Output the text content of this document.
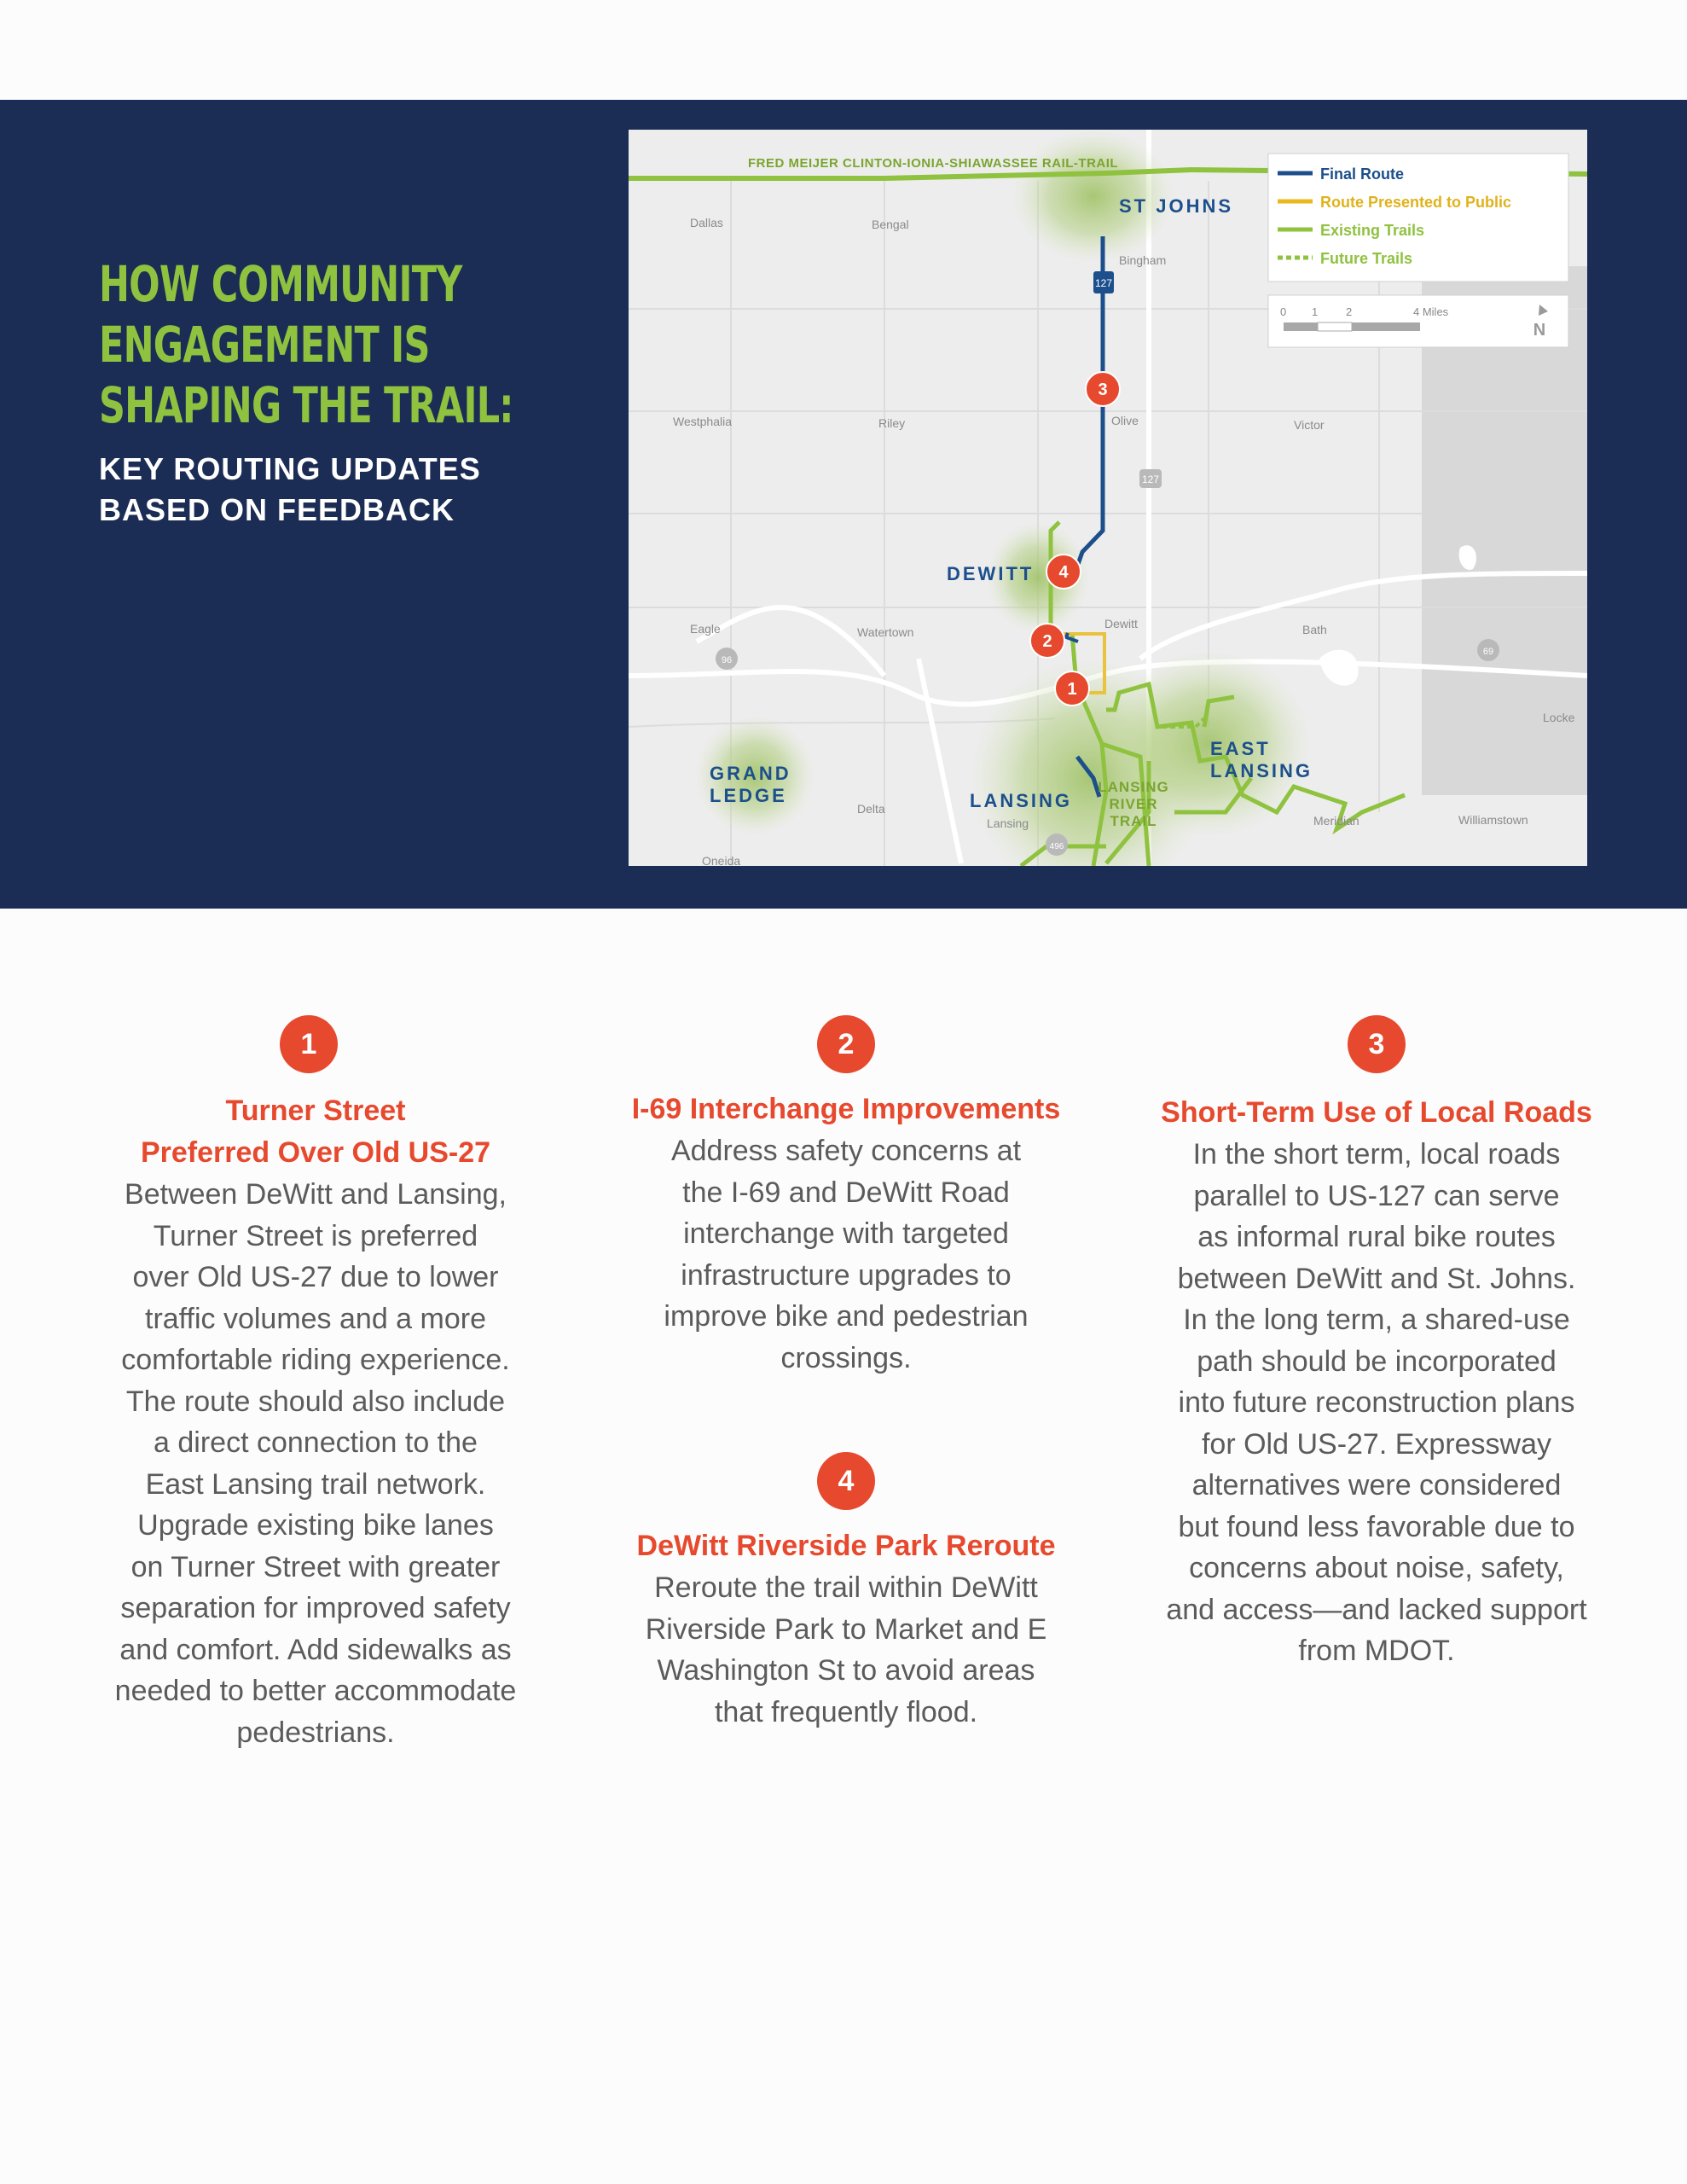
HOW COMMUNITY
ENGAGEMENT IS
SHAPING THE TRAIL:
KEY ROUTING UPDATES
BASED ON FEEDBACK
FRED MEIJER CLINTON-IONIA-SHIAWASSEE RAIL-TRAIL
127
127
96
69
496
Dallas	Bengal
Bingham
Westphalia	Riley	Olive	Victor
Dewitt
Eagle	Watertown	Bath
Locke
Delta
Lansing	Meridian	Williamstown
Oneida
ST JOHNS
DEWITT
GRAND
LEDGE	LANSING
EAST
LANSING
LANSING
RIVER
TRAIL
3
4
2
1
Final Route
Route Presented to Public
Existing Trails
Future Trails
0 1	2	4 Miles
N
1
Turner Street
Preferred Over Old US-27
Between DeWitt and Lansing,
Turner Street is preferred
over Old US-27 due to lower
traffic volumes and a more
comfortable riding experience.
The route should also include
a direct connection to the
East Lansing trail network.
Upgrade existing bike lanes
on Turner Street with greater
separation for improved safety
and comfort. Add sidewalks as
needed to better accommodate
pedestrians.
2
I-69 Interchange Improvements
Address safety concerns at
the I-69 and DeWitt Road
interchange with targeted
infrastructure upgrades to
improve bike and pedestrian
crossings.
4
DeWitt Riverside Park Reroute
Reroute the trail within DeWitt
Riverside Park to Market and E
Washington St to avoid areas
that frequently flood.
3
Short-Term Use of Local Roads
In the short term, local roads
parallel to US-127 can serve
as informal rural bike routes
between DeWitt and St. Johns.
In the long term, a shared-use
path should be incorporated
into future reconstruction plans
for Old US-27. Expressway
alternatives were considered
but found less favorable due to
concerns about noise, safety,
and access—and lacked support
from MDOT.
